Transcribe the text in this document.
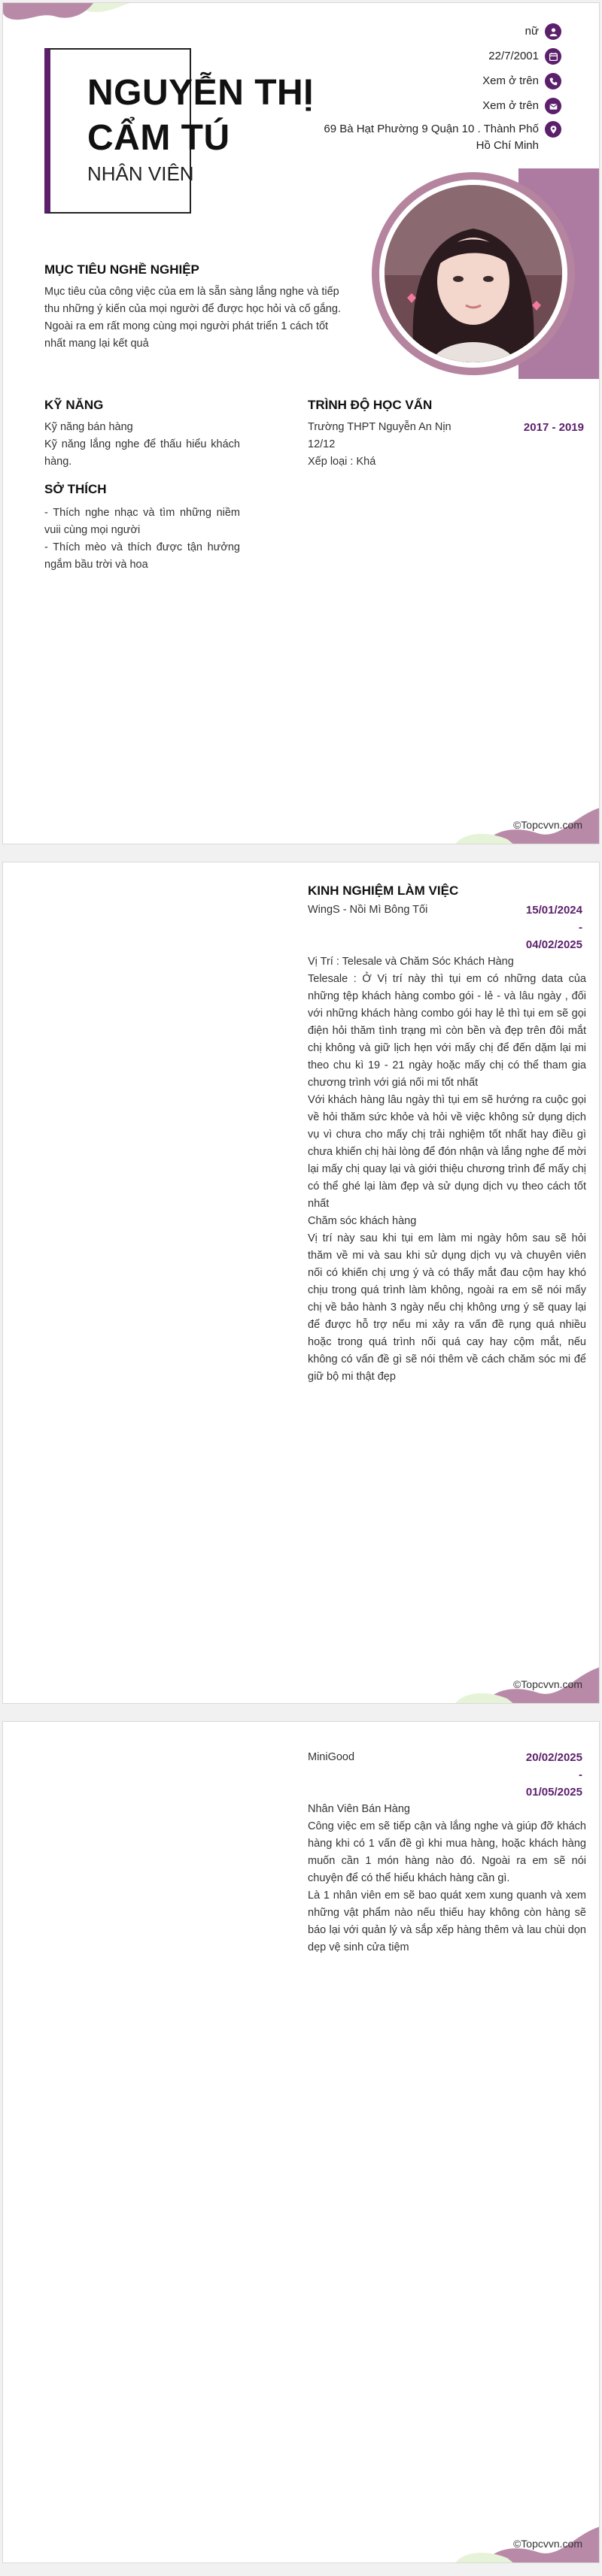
NGUYỄN THỊ
CẨM TÚ
NHÂN VIÊN
nữ
22/7/2001
Xem ở trên
Xem ở trên
69 Bà Hạt Phường 9 Quận 10 . Thành Phố Hồ Chí Minh
MỤC TIÊU NGHỀ NGHIỆP
Mục tiêu của công việc của em là sẵn sàng lắng nghe và tiếp thu những ý kiến của mọi người để được học hỏi và cố gắng. Ngoài ra em rất mong cùng mọi người phát triển 1 cách tốt nhất mang lại kết quả
KỸ NĂNG
Kỹ năng bán hàng
Kỹ năng lắng nghe để thấu hiểu khách hàng.
SỞ THÍCH
- Thích nghe nhạc và tìm những niềm vuii cùng mọi người
- Thích mèo và thích được tận hưởng ngắm bầu trời và hoa
TRÌNH ĐỘ HỌC VẤN
Trường THPT Nguyễn An Nịn
12/12
Xếp loại : Khá
2017 - 2019
©Topcvvn.com
KINH NGHIỆM LÀM VIỆC
WingS - Nồi Mì Bông Tối	15/01/2024
-
04/02/2025
Vị Trí : Telesale và Chăm Sóc Khách Hàng
Telesale : Ở Vị trí này thì tụi em có những data của những tệp khách hàng combo gói - lẻ - và lâu ngày , đối với những khách hàng combo gói hay lẻ thì tụi em sẽ gọi điện hỏi thăm tình trạng mì còn bền và đẹp trên đôi mắt chị không và giữ lịch hẹn với mấy chị để đến dặm lại mi theo chu kì 19 - 21 ngày hoặc mấy chị có thể tham gia chương trình với giá nối mi tốt nhất
Với khách hàng lâu ngày thì tụi em sẽ hướng ra cuộc gọi về hỏi thăm sức khỏe và hỏi về việc không sử dụng dịch vụ vì chưa cho mấy chị trải nghiệm tốt nhất hay điều gì chưa khiến chị hài lòng để đón nhận và lắng nghe để mời lại mấy chị quay lại và giới thiệu chương trình để mấy chị có thể ghé lại làm đẹp và sử dụng dịch vụ theo cách tốt nhất
Chăm sóc khách hàng
Vị trí này sau khi tụi em làm mi ngày hôm sau sẽ hỏi thăm về mi và sau khi sử dụng dịch vụ và chuyên viên nối có khiến chị ưng ý và có thấy mắt đau cộm hay khó chịu trong quá trình làm không, ngoài ra em sẽ nói mấy chị về bảo hành 3 ngày nếu chị không ưng ý sẽ quay lại để được hỗ trợ nếu mi xảy ra vấn đề rụng quá nhiều hoặc trong quá trình nối quá cay hay cộm mắt, nếu không có vấn đề gì sẽ nói thêm về cách chăm sóc mi để giữ bộ mi thật đẹp
©Topcvvn.com
MiniGood	20/02/2025
-
01/05/2025
Nhân Viên Bán Hàng
Công việc em sẽ tiếp cận và lắng nghe và giúp đỡ khách hàng khi có 1 vấn đề gì khi mua hàng, hoặc khách hàng muốn cần 1 món hàng nào đó. Ngoài ra em sẽ nói chuyện để có thể hiểu khách hàng cần gì.
Là 1 nhân viên em sẽ bao quát xem xung quanh và xem những vật phẩm nào nếu thiếu hay không còn hàng sẽ báo lại với quản lý và sắp xếp hàng thêm và lau chùi dọn dẹp vệ sinh cửa tiệm
©Topcvvn.com
